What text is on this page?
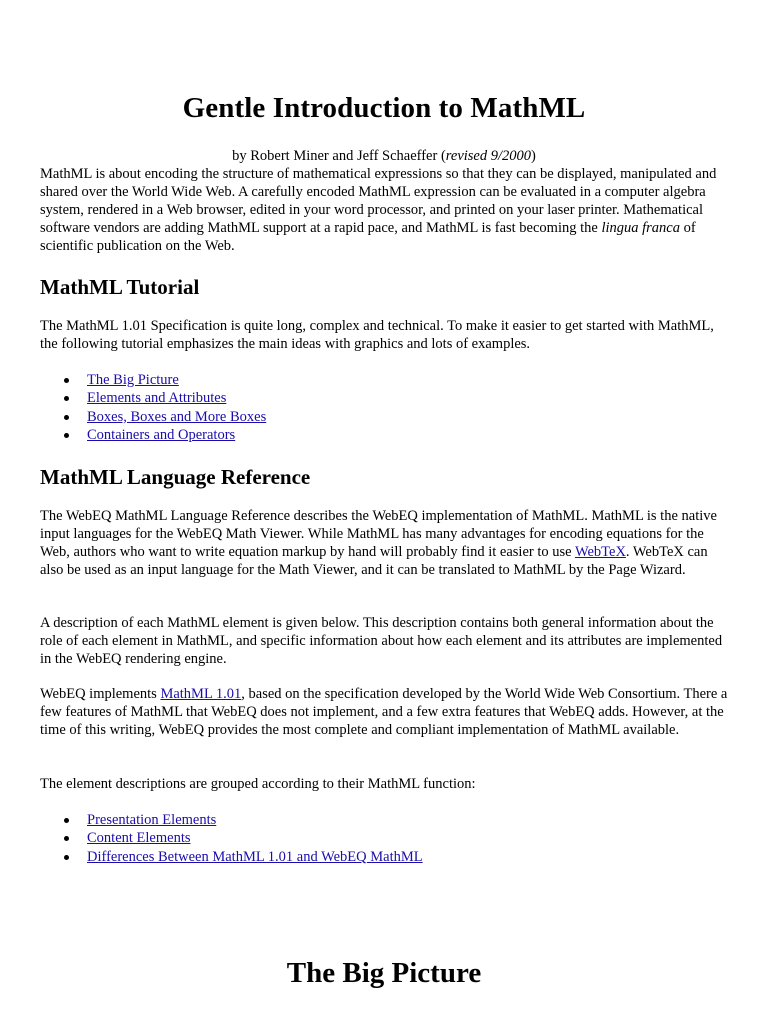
Gentle Introduction to MathML
by Robert Miner and Jeff Schaeffer (revised 9/2000)

MathML is about encoding the structure of mathematical expressions so that they can be displayed, manipulated and shared over the World Wide Web. A carefully encoded MathML expression can be evaluated in a computer algebra system, rendered in a Web browser, edited in your word processor, and printed on your laser printer. Mathematical software vendors are adding MathML support at a rapid pace, and MathML is fast becoming the lingua franca of scientific publication on the Web.

MathML Tutorial

The MathML 1.01 Specification is quite long, complex and technical. To make it easier to get started with MathML, the following tutorial emphasizes the main ideas with graphics and lots of examples.

The Big Picture
Elements and Attributes
Boxes, Boxes and More Boxes
Containers and Operators
MathML Language Reference

The WebEQ MathML Language Reference describes the WebEQ implementation of MathML. MathML is the native input languages for the WebEQ Math Viewer. While MathML has many advantages for encoding equations for the Web, authors who want to write equation markup by hand will probably find it easier to use WebTeX. WebTeX can also be used as an input language for the Math Viewer, and it can be translated to MathML by the Page Wizard.

A description of each MathML element is given below. This description contains both general information about the role of each element in MathML, and specific information about how each element and its attributes are implemented in the WebEQ rendering engine.

WebEQ implements MathML 1.01, based on the specification developed by the World Wide Web Consortium. There a few features of MathML that WebEQ does not implement, and a few extra features that WebEQ adds. However, at the time of this writing, WebEQ provides the most complete and compliant implementation of MathML available.

The element descriptions are grouped according to their MathML function:

Presentation Elements
Content Elements
Differences Between MathML 1.01 and WebEQ MathML
The Big Picture
